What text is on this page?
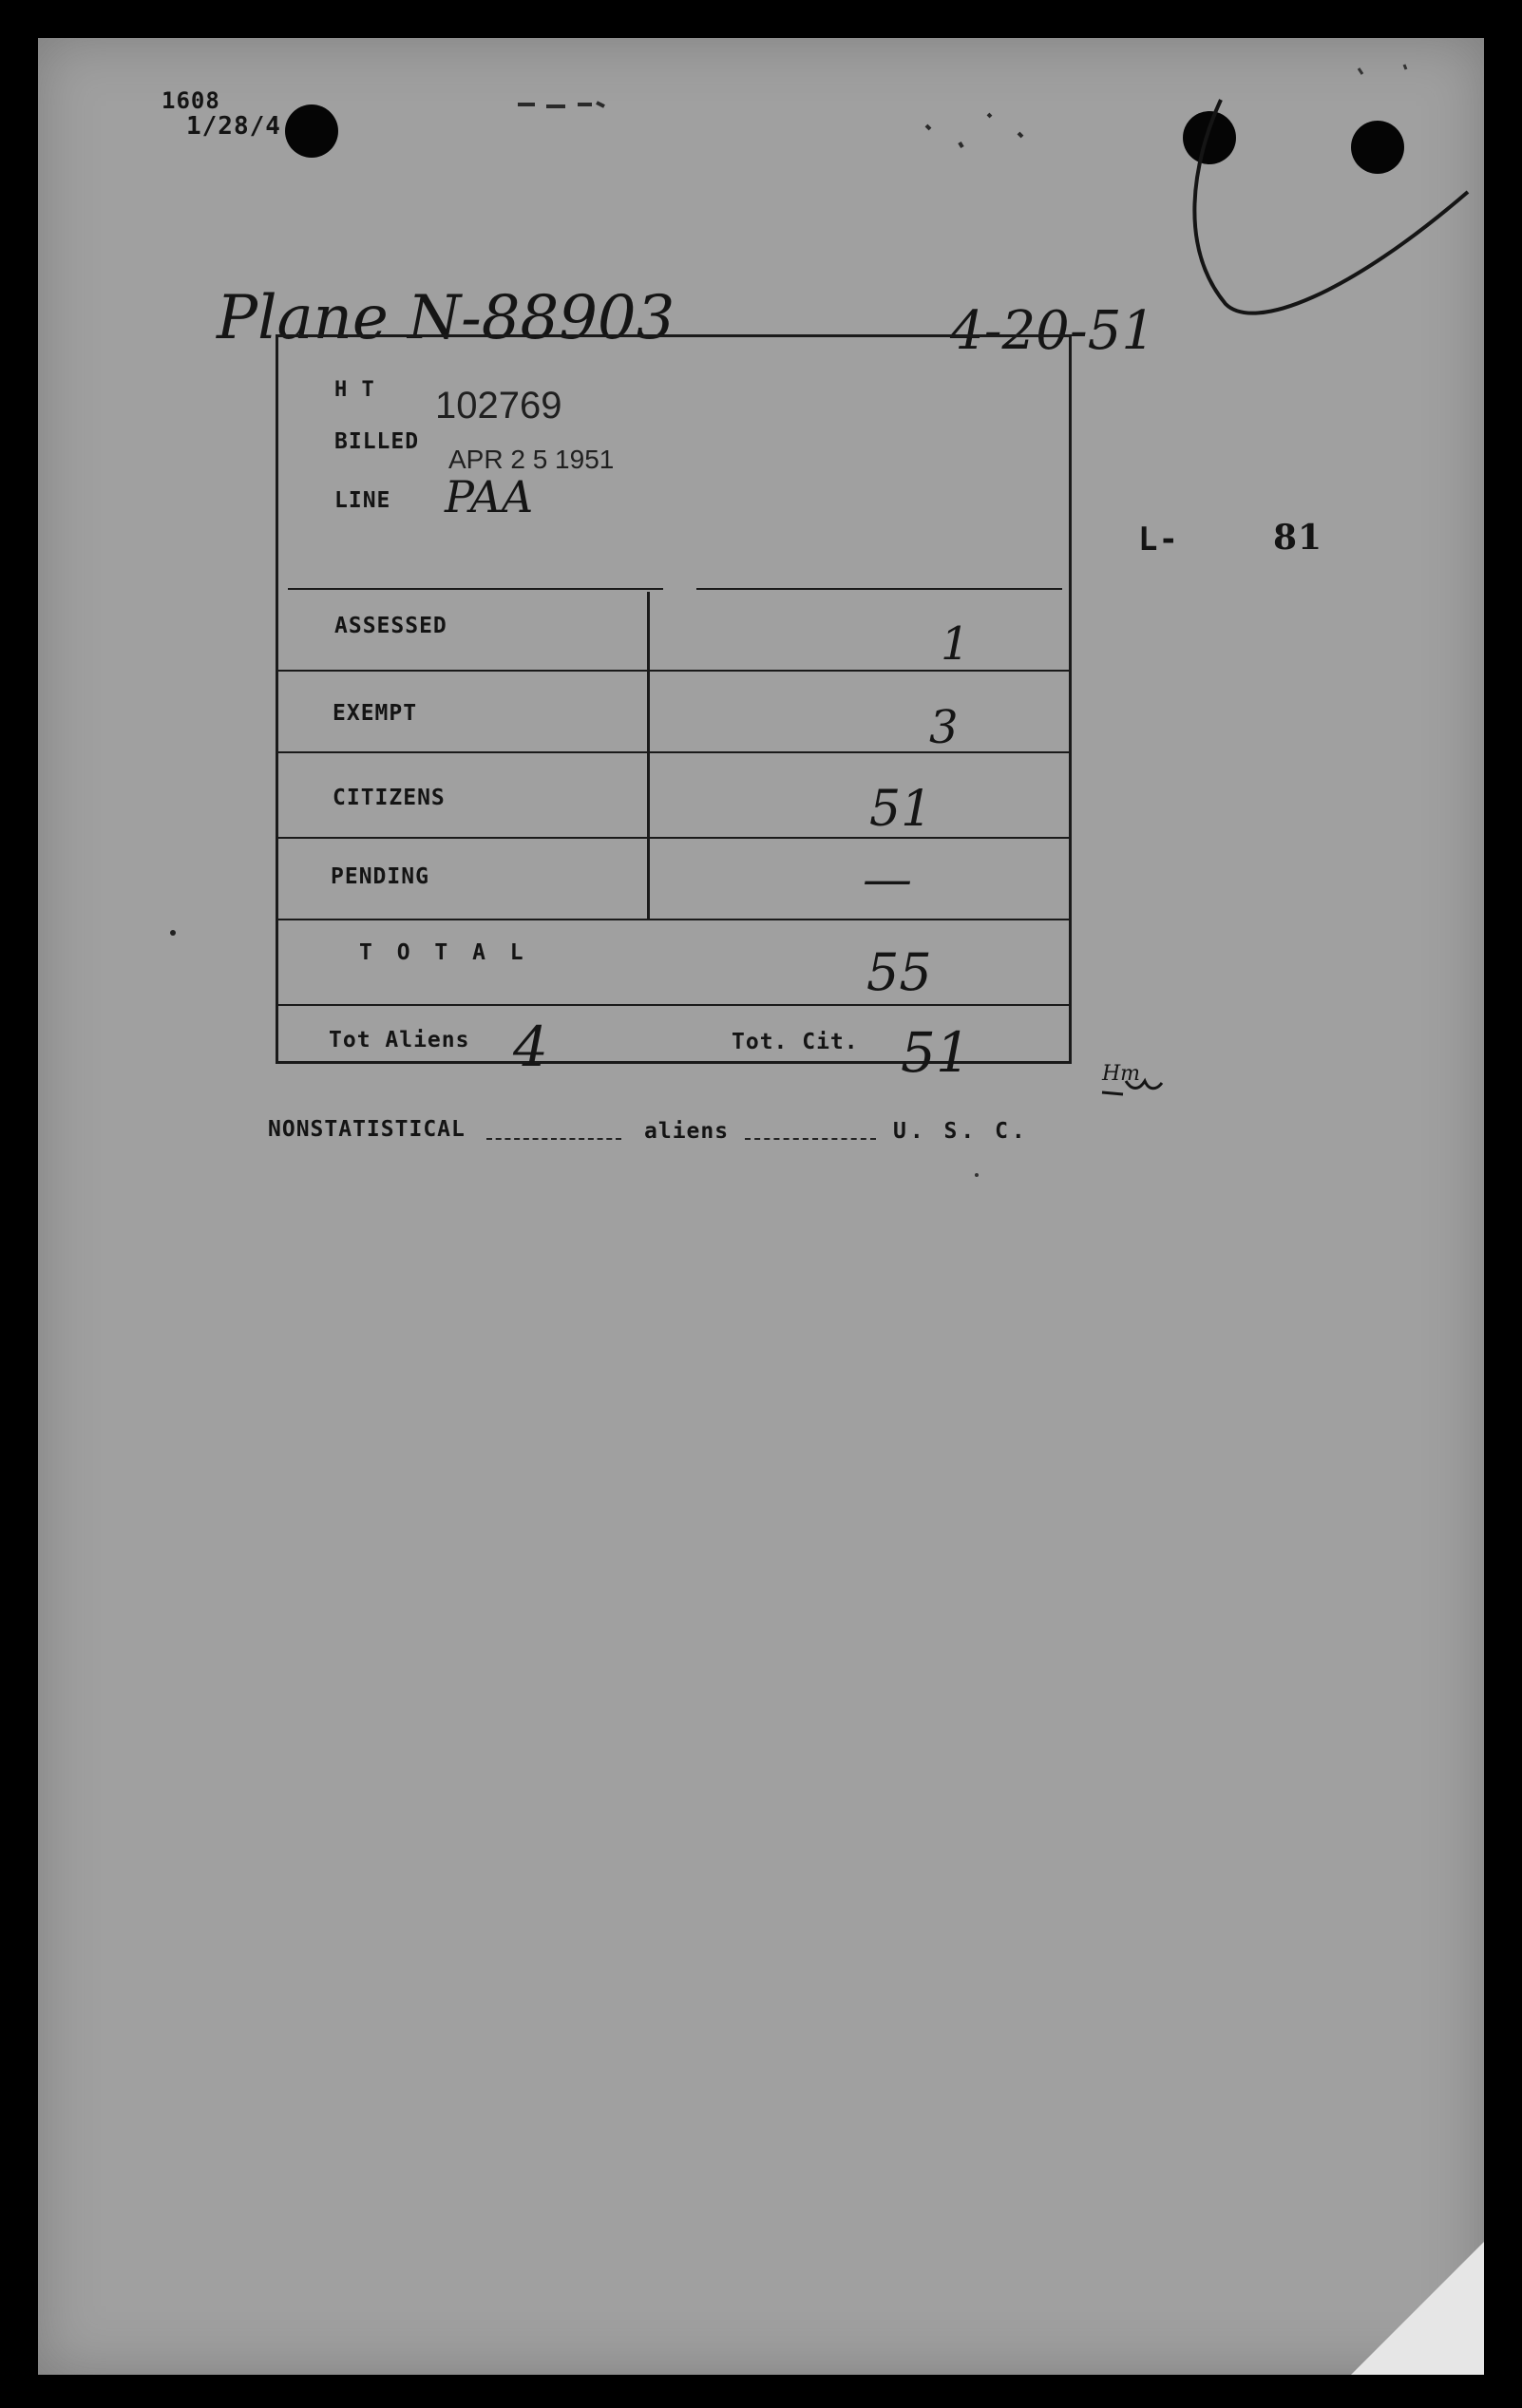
1608
1/28/4
Plane N-88903	4-20-51
L-	81
H T 102769
BILLED
APR 2 5 1951
LINE PAA
ASSESSED	1
EXEMPT	3
CITIZENS	51
PENDING	—
T O T A L	55
Tot Aliens 4	Tot. Cit. 51	Hm
NONSTATISTICAL	aliens	U. S. C.
